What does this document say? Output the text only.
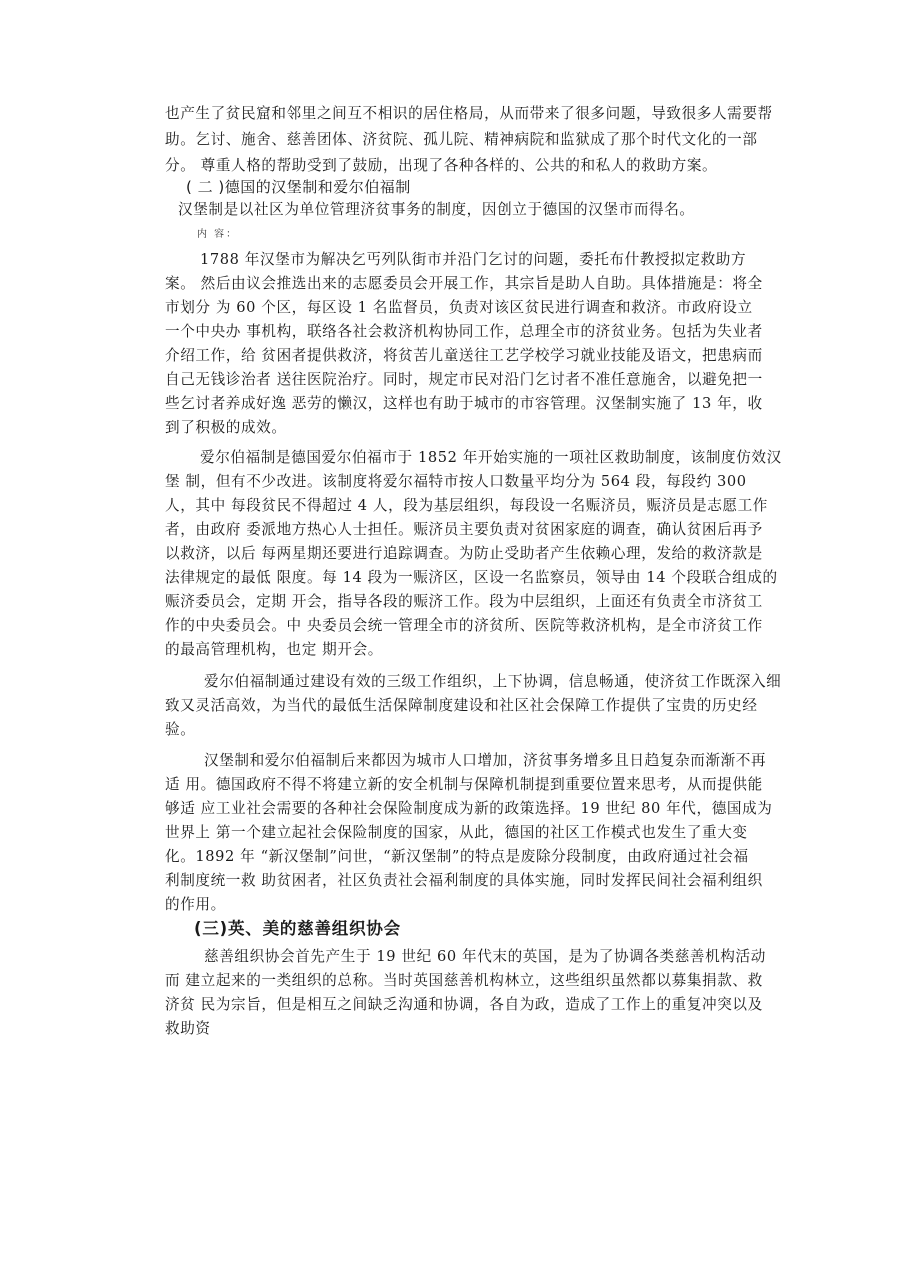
也产生了贫民窟和邻里之间互不相识的居住格局，从而带来了很多问题，导致很多人需要帮
助。乞讨、施舍、慈善团体、济贫院、孤儿院、精神病院和监狱成了那个时代文化的一部
分。 尊重人格的帮助受到了鼓励，出现了各种各样的、公共的和私人的救助方案。
( 二 )德国的汉堡制和爱尔伯福制
汉堡制是以社区为单位管理济贫事务的制度，因创立于德国的汉堡市而得名。
内 容：
1788 年汉堡市为解决乞丐列队街市并沿门乞讨的问题，委托布什教授拟定救助方
案。 然后由议会推选出来的志愿委员会开展工作，其宗旨是助人自助。具体措施是：将全
市划分 为 60 个区，每区设 1 名监督员，负责对该区贫民进行调查和救济。市政府设立
一个中央办 事机构，联络各社会救济机构协同工作，总理全市的济贫业务。包括为失业者
介绍工作，给 贫困者提供救济，将贫苦儿童送往工艺学校学习就业技能及语文，把患病而
自己无钱诊治者 送往医院治疗。同时，规定市民对沿门乞讨者不准任意施舍，以避免把一
些乞讨者养成好逸 恶劳的懒汉，这样也有助于城市的市容管理。汉堡制实施了 13 年，收
到了积极的成效。
爱尔伯福制是德国爱尔伯福市于 1852 年开始实施的一项社区救助制度，该制度仿效汉
堡 制，但有不少改进。该制度将爱尔福特市按人口数量平均分为 564 段，每段约 300
人，其中 每段贫民不得超过 4 人，段为基层组织，每段设一名赈济员，赈济员是志愿工作
者，由政府 委派地方热心人士担任。赈济员主要负责对贫困家庭的调查，确认贫困后再予
以救济，以后 每两星期还要进行追踪调查。为防止受助者产生依赖心理，发给的救济款是
法律规定的最低 限度。每 14 段为一赈济区，区设一名监察员，领导由 14 个段联合组成的
赈济委员会，定期 开会，指导各段的赈济工作。段为中层组织，上面还有负责全市济贫工
作的中央委员会。中 央委员会统一管理全市的济贫所、医院等救济机构，是全市济贫工作
的最高管理机构，也定 期开会。
爱尔伯福制通过建设有效的三级工作组织，上下协调，信息畅通，使济贫工作既深入细
致又灵活高效，为当代的最低生活保障制度建设和社区社会保障工作提供了宝贵的历史经
验。
汉堡制和爱尔伯福制后来都因为城市人口增加，济贫事务增多且日趋复杂而渐渐不再
适 用。德国政府不得不将建立新的安全机制与保障机制提到重要位置来思考，从而提供能
够适 应工业社会需要的各种社会保险制度成为新的政策选择。19 世纪 80 年代，德国成为
世界上 第一个建立起社会保险制度的国家，从此，德国的社区工作模式也发生了重大变
化。1892 年 “新汉堡制”问世，“新汉堡制”的特点是废除分段制度，由政府通过社会福
利制度统一救 助贫困者，社区负责社会福利制度的具体实施，同时发挥民间社会福利组织
的作用。
(三)英、美的慈善组织协会
慈善组织协会首先产生于 19 世纪 60 年代末的英国，是为了协调各类慈善机构活动
而 建立起来的一类组织的总称。当时英国慈善机构林立，这些组织虽然都以募集捐款、救
济贫 民为宗旨，但是相互之间缺乏沟通和协调，各自为政，造成了工作上的重复冲突以及
救助资
